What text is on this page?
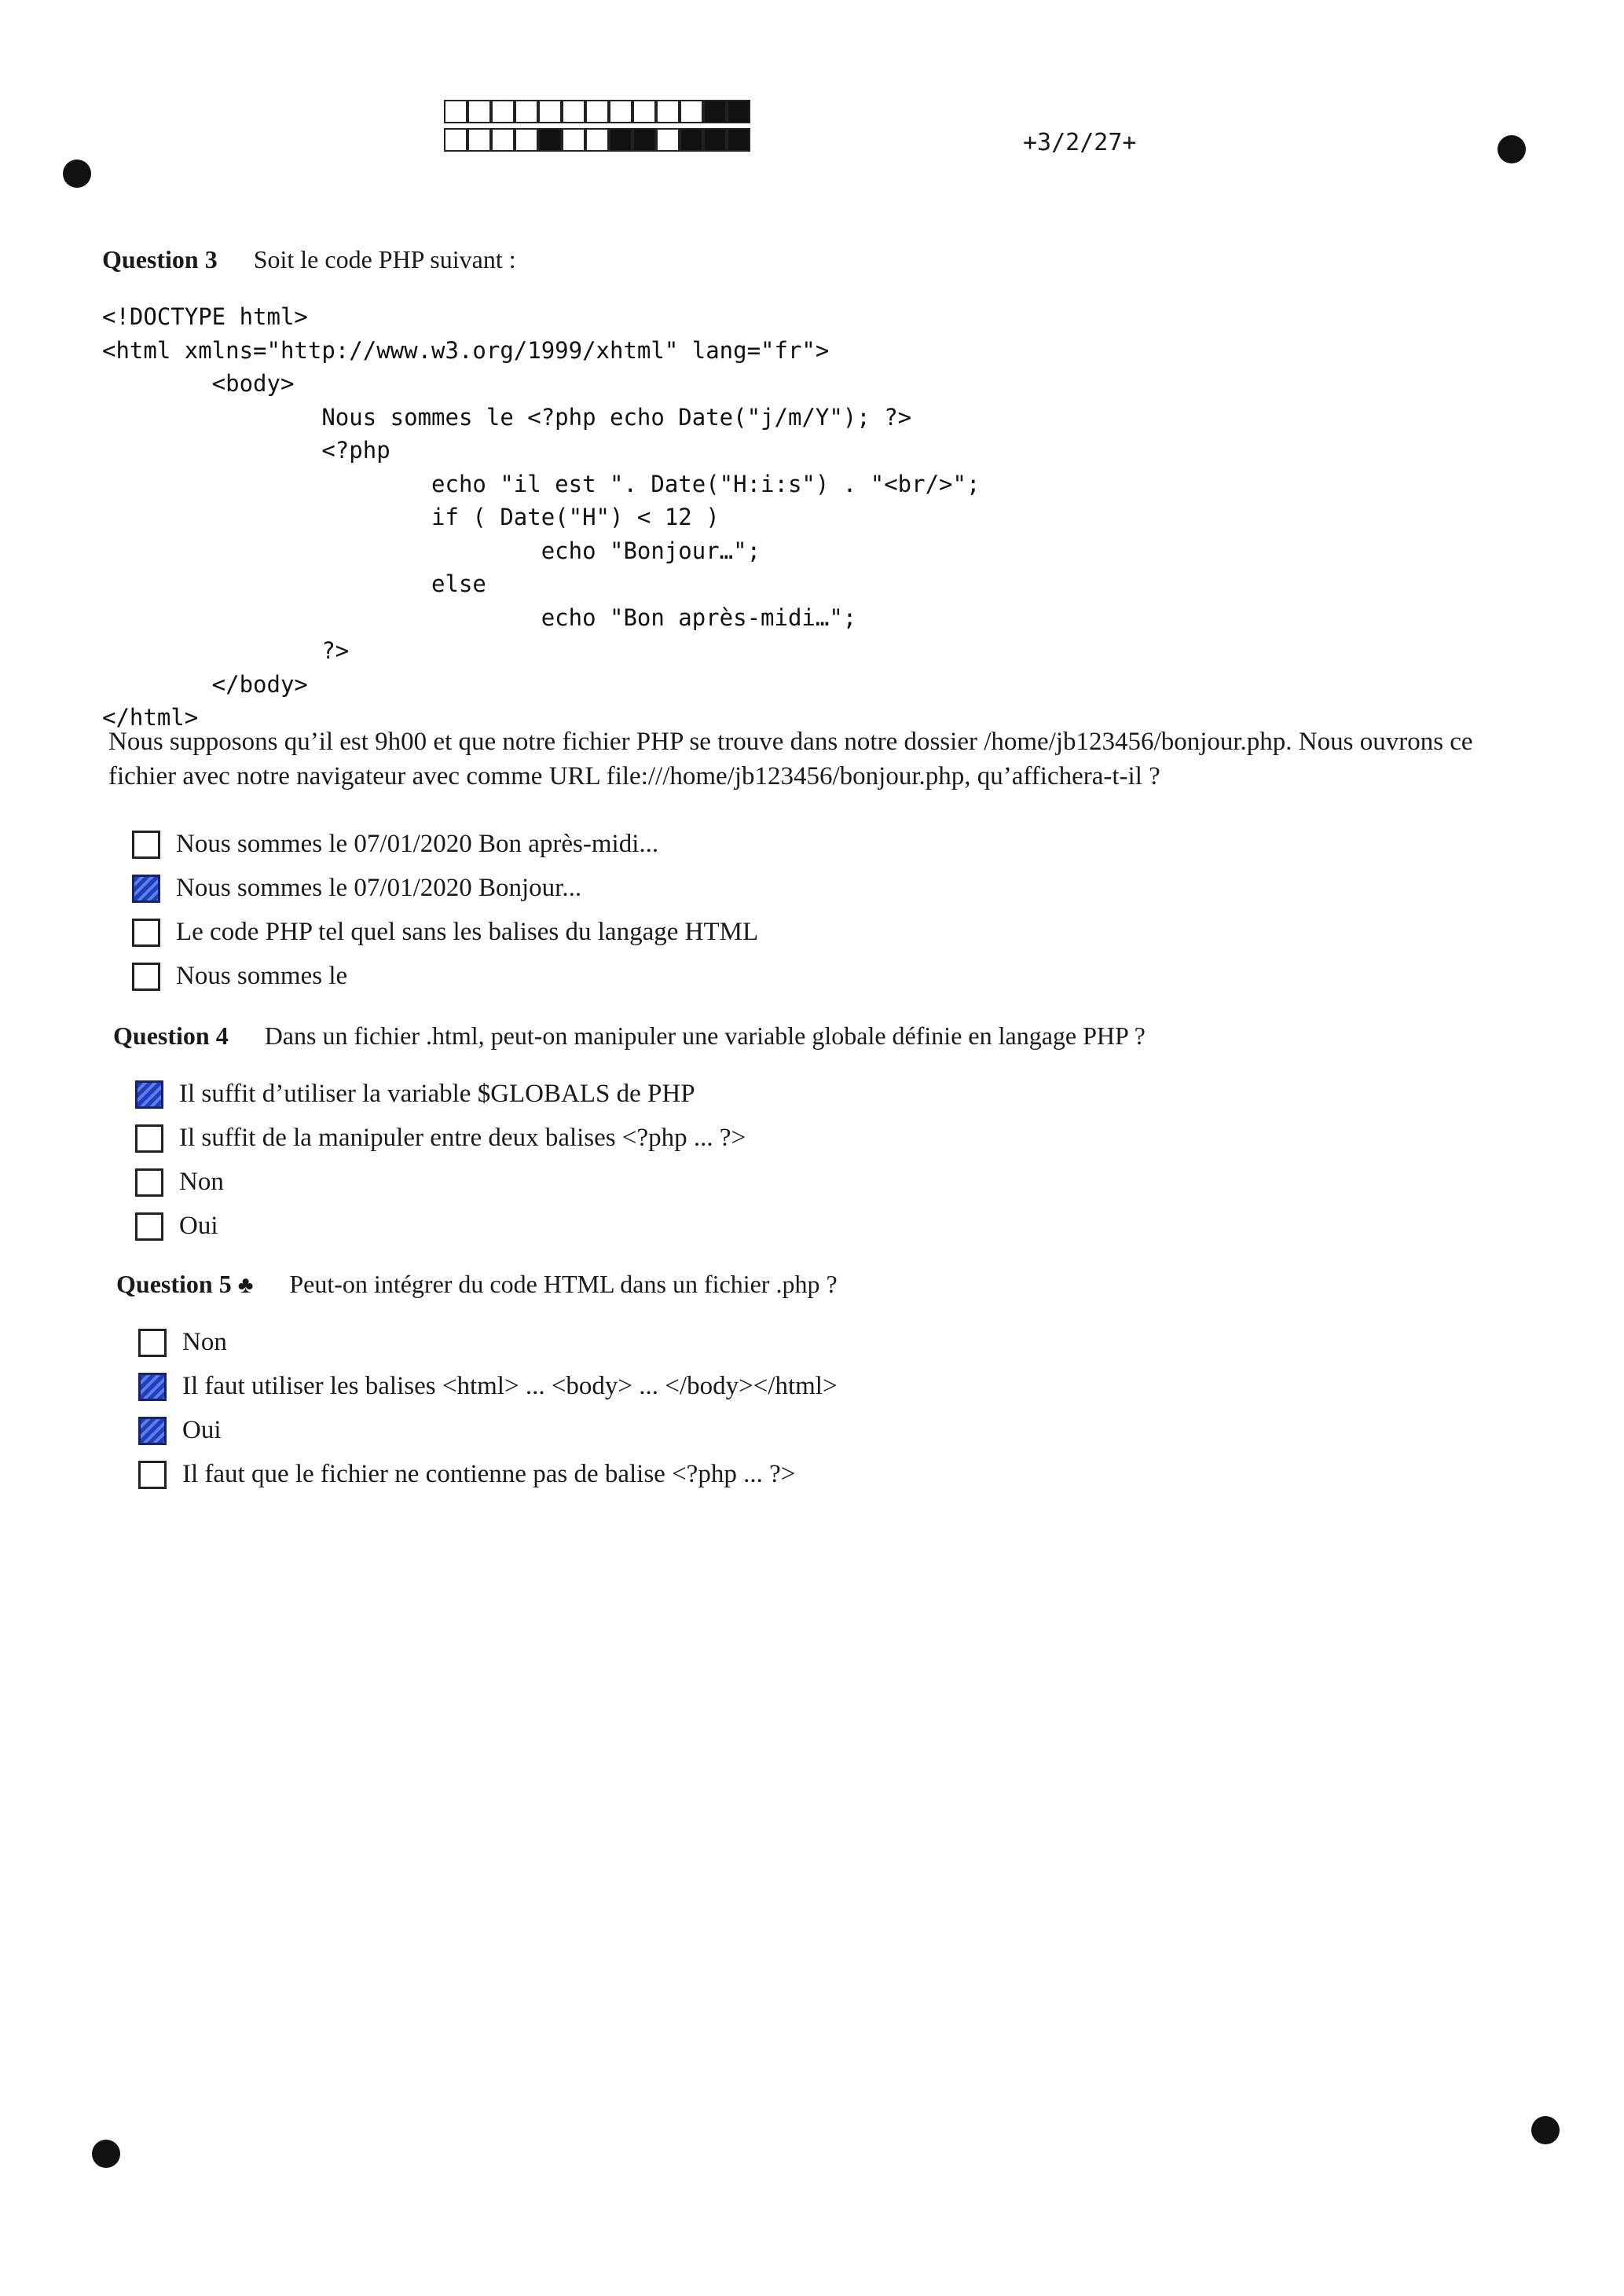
+3/2/27+
Question 3 Soit le code PHP suivant :
<!DOCTYPE html>
<html xmlns="http://www.w3.org/1999/xhtml" lang="fr">
<body>
Nous sommes le <?php echo Date("j/m/Y"); ?>
<?php
echo "il est ". Date("H:i:s") . "<br/>";
if ( Date("H") < 12 )
echo "Bonjour…";
else
echo "Bon après-midi…";
?>
</body>
</html>
Nous supposons qu’il est 9h00 et que notre fichier PHP se trouve dans notre dossier /home/jb123456/bonjour.php. Nous ouvrons ce fichier avec notre navigateur avec comme URL file:///home/jb123456/bonjour.php, qu’affichera-t-il ?
Nous sommes le 07/01/2020 Bon après-midi...
Nous sommes le 07/01/2020 Bonjour...
Le code PHP tel quel sans les balises du langage HTML
Nous sommes le
Question 4 Dans un fichier .html, peut-on manipuler une variable globale définie en langage PHP ?
Il suffit d’utiliser la variable $GLOBALS de PHP
Il suffit de la manipuler entre deux balises <?php ... ?>
Non
Oui
Question 5 ♣ Peut-on intégrer du code HTML dans un fichier .php ?
Non
Il faut utiliser les balises <html> ... <body> ... </body></html>
Oui
Il faut que le fichier ne contienne pas de balise <?php ... ?>
